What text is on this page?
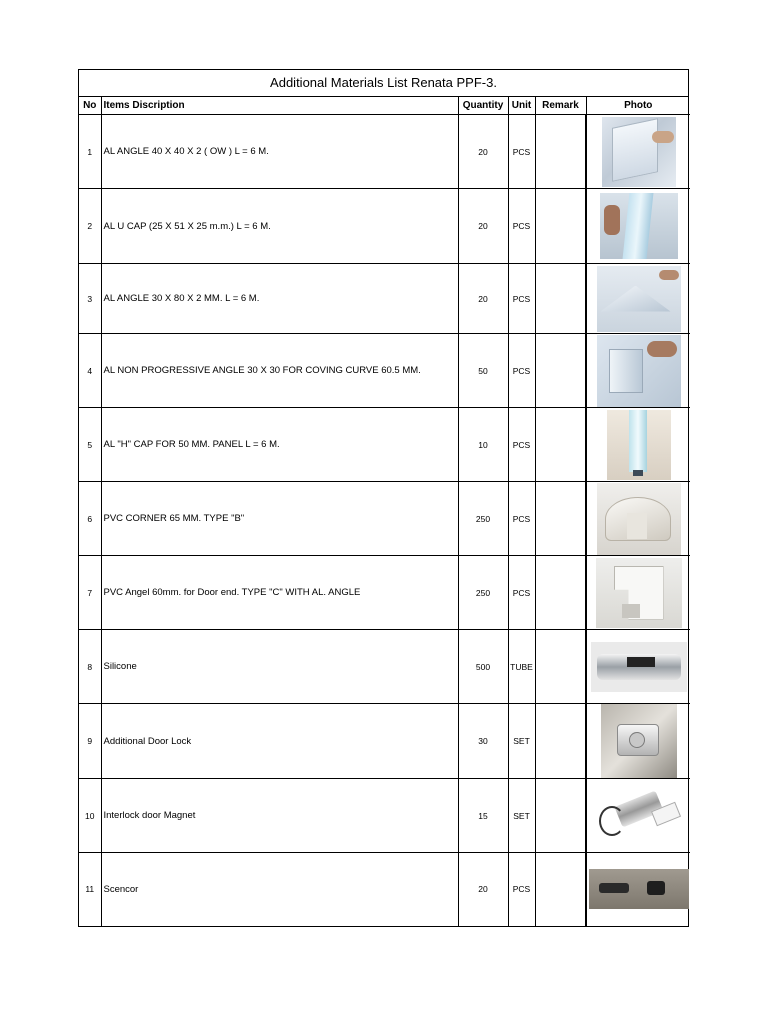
Additional Materials List Renata PPF-3.
No	Items Discription	Quantity	Unit	Remark	Photo
1	AL ANGLE 40 X 40 X 2 ( OW ) L = 6 M.	20	PCS		

2	AL U CAP (25 X 51 X 25 m.m.) L = 6 M.	20	PCS		

3	AL ANGLE 30 X 80 X 2 MM. L = 6 M.	20	PCS		

4	AL NON PROGRESSIVE ANGLE 30 X 30 FOR COVING CURVE 60.5 MM.	50	PCS		

5	AL "H" CAP FOR 50 MM. PANEL L = 6 M.	10	PCS		

6	PVC CORNER 65 MM. TYPE "B"	250	PCS		

7	PVC Angel 60mm. for Door end. TYPE "C" WITH AL. ANGLE	250	PCS		

8	Silicone	500	TUBE		

9	Additional Door Lock	30	SET		

10	Interlock door Magnet	15	SET		

11	Scencor	20	PCS		
